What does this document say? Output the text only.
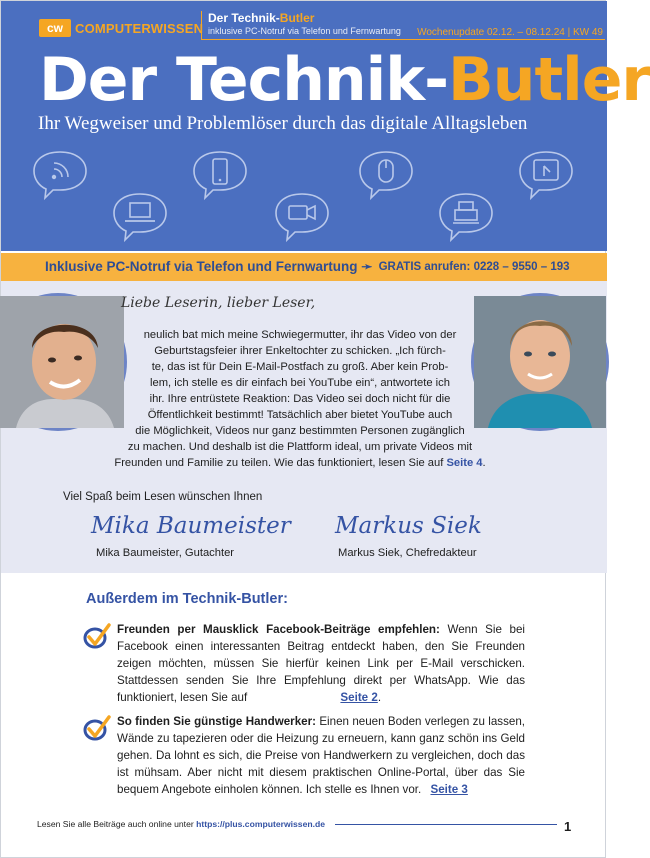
cw COMPUTERWISSEN
Der Technik-Butler
inklusive PC-Notruf via Telefon und Fernwartung	Wochenupdate 02.12. – 08.12.24 | KW 49
Der Technik-Butler
Ihr Wegweiser und Problemlöser durch das digitale Alltagsleben
Inklusive PC-Notruf via Telefon und Fernwartung ➛ GRATIS anrufen: 0228 – 9550 – 193
Liebe Leserin, lieber Leser,
neulich bat mich meine Schwiegermutter, ihr das Video von der
Geburtstagsfeier ihrer Enkeltochter zu schicken. „Ich fürch-
te, das ist für Dein E-Mail-Postfach zu groß. Aber kein Prob-
lem, ich stelle es dir einfach bei YouTube ein“, antwortete ich
ihr. Ihre entrüstete Reaktion: Das Video sei doch nicht für die
Öffentlichkeit bestimmt! Tatsächlich aber bietet YouTube auch
die Möglichkeit, Videos nur ganz bestimmten Personen zugänglich
zu machen. Und deshalb ist die Plattform ideal, um private Videos mit
Freunden und Familie zu teilen. Wie das funktioniert, lesen Sie auf Seite 4.
Viel Spaß beim Lesen wünschen Ihnen
Mika Baumeister
Mika Baumeister, Gutachter
Markus Siek
Markus Siek, Chefredakteur
Außerdem im Technik-Butler:
Freunden per Mausklick Facebook-Beiträge empfehlen: Wenn Sie bei Facebook einen interessanten Beitrag entdeckt haben, den Sie Freunden zeigen möchten, müssen Sie hierfür keinen Link per E-Mail verschicken. Stattdessen senden Sie Ihre Empfehlung direkt per WhatsApp. Wie das funktioniert, lesen Sie auf	Seite 2.
So finden Sie günstige Handwerker: Einen neuen Boden verlegen zu lassen, Wände zu tapezieren oder die Heizung zu erneuern, kann ganz schön ins Geld gehen. Da lohnt es sich, die Preise von Handwerkern zu vergleichen, doch das ist mühsam. Aber nicht mit diesem praktischen Online-Portal, über das Sie bequem Angebote einholen können. Ich stelle es Ihnen vor. Seite 3
Lesen Sie alle Beiträge auch online unter https://plus.computerwissen.de	1
